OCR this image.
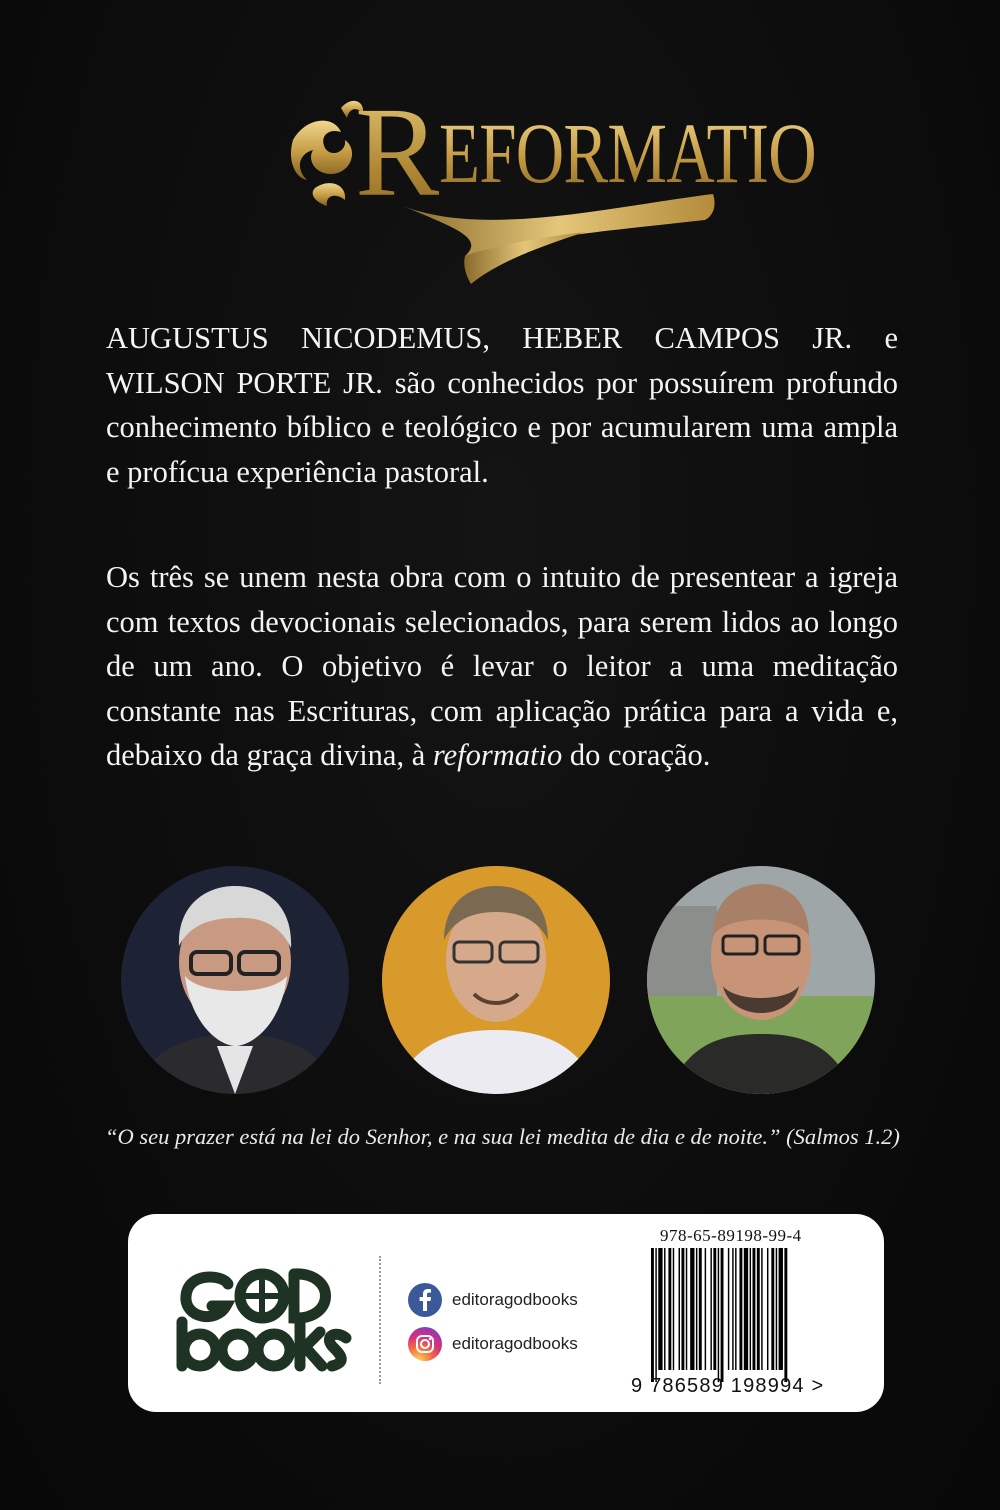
REFORMATIO

AUGUSTUS NICODEMUS, HEBER CAMPOS JR. e WILSON PORTE JR. são conhecidos por possuírem profundo conhecimento bíblico e teológico e por acumularem uma ampla e profícua experiência pastoral.

Os três se unem nesta obra com o intuito de presentear a igreja com textos devocionais selecionados, para serem lidos ao longo de um ano. O objetivo é levar o leitor a uma meditação constante nas Escrituras, com aplicação prática para a vida e, debaixo da graça divina, à reformatio do coração.

“O seu prazer está na lei do Senhor, e na sua lei medita de dia e de noite.” (Salmos 1.2)

editoragodbooks
editoragodbooks
978-65-89198-99-4
9 786589 198994 >
